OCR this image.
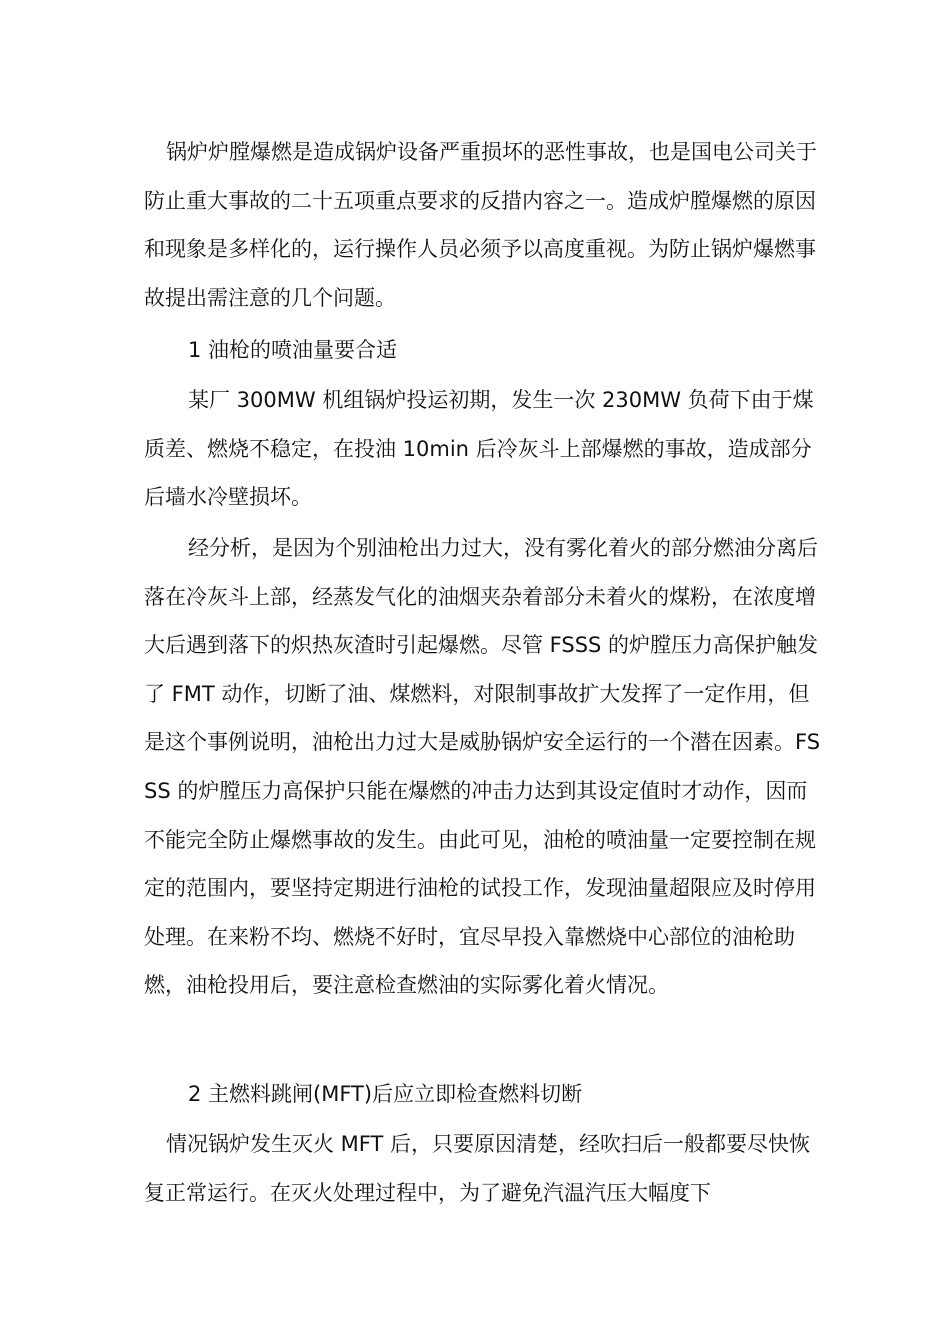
锅炉炉膛爆燃是造成锅炉设备严重损坏的恶性事故，也是国电公司关于防止重大事故的二十五项重点要求的反措内容之一。造成炉膛爆燃的原因和现象是多样化的，运行操作人员必须予以高度重视。为防止锅炉爆燃事故提出需注意的几个问题。

1 油枪的喷油量要合适

某厂 300MW 机组锅炉投运初期，发生一次 230MW 负荷下由于煤质差、燃烧不稳定，在投油 10min 后冷灰斗上部爆燃的事故，造成部分后墙水冷壁损坏。

经分析，是因为个别油枪出力过大，没有雾化着火的部分燃油分离后落在冷灰斗上部，经蒸发气化的油烟夹杂着部分未着火的煤粉，在浓度增大后遇到落下的炽热灰渣时引起爆燃。尽管 FSSS 的炉膛压力高保护触发了 FMT 动作，切断了油、煤燃料，对限制事故扩大发挥了一定作用，但是这个事例说明，油枪出力过大是威胁锅炉安全运行的一个潜在因素。FSSS 的炉膛压力高保护只能在爆燃的冲击力达到其设定值时才动作，因而不能完全防止爆燃事故的发生。由此可见，油枪的喷油量一定要控制在规定的范围内，要坚持定期进行油枪的试投工作，发现油量超限应及时停用处理。在来粉不均、燃烧不好时，宜尽早投入靠燃烧中心部位的油枪助燃，油枪投用后，要注意检查燃油的实际雾化着火情况。

2 主燃料跳闸(MFT)后应立即检查燃料切断

情况锅炉发生灭火 MFT 后，只要原因清楚，经吹扫后一般都要尽快恢复正常运行。在灭火处理过程中，为了避免汽温汽压大幅度下
